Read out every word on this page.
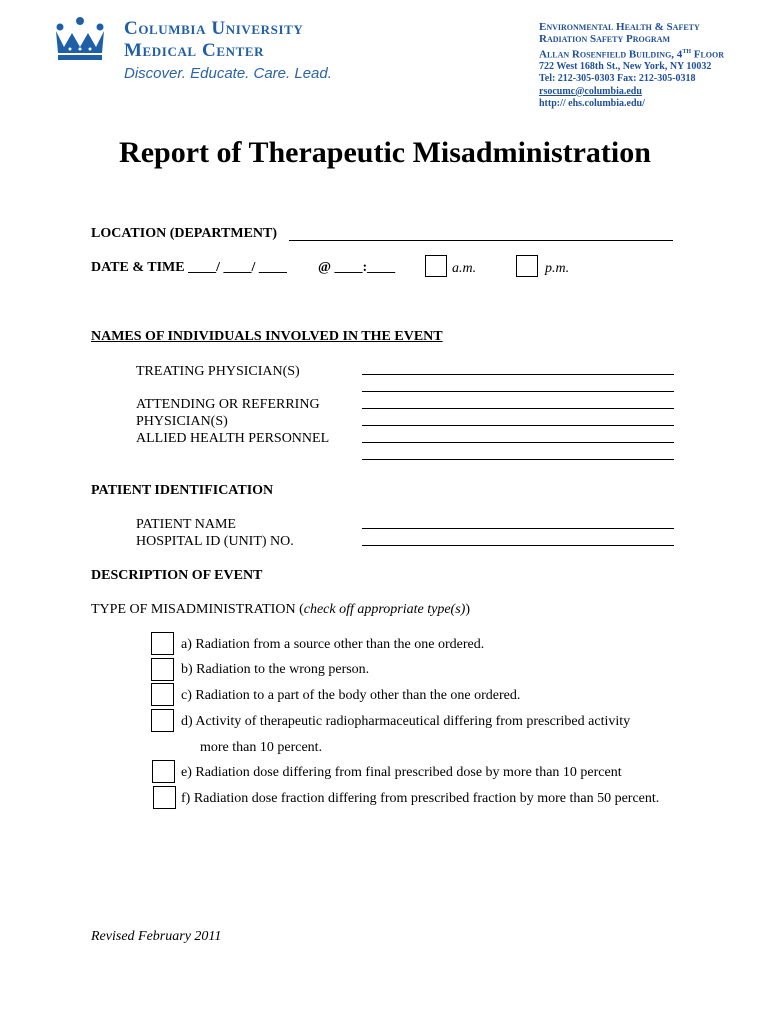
Columbia University
Medical Center
Discover. Educate. Care. Lead.
Environmental Health & Safety
Radiation Safety Program
Allan Rosenfield Building, 4TH Floor
722 West 168th St., New York, NY 10032
Tel: 212-305-0303 Fax: 212-305-0318
rsocumc@columbia.edu
http:// ehs.columbia.edu/
Report of Therapeutic Misadministration
LOCATION (DEPARTMENT)
DATE & TIME ____/ ____/ ____ @ ____:____	a.m.	p.m.
NAMES OF INDIVIDUALS INVOLVED IN THE EVENT
TREATING PHYSICIAN(S)
ATTENDING OR REFERRING
PHYSICIAN(S)
ALLIED HEALTH PERSONNEL
PATIENT IDENTIFICATION
PATIENT NAME
HOSPITAL ID (UNIT) NO.
DESCRIPTION OF EVENT
TYPE OF MISADMINISTRATION (check off appropriate type(s))
a) Radiation from a source other than the one ordered.
b) Radiation to the wrong person.
c) Radiation to a part of the body other than the one ordered.
d) Activity of therapeutic radiopharmaceutical differing from prescribed activity
more than 10 percent.
e) Radiation dose differing from final prescribed dose by more than 10 percent
f) Radiation dose fraction differing from prescribed fraction by more than 50 percent.
Revised February 2011
